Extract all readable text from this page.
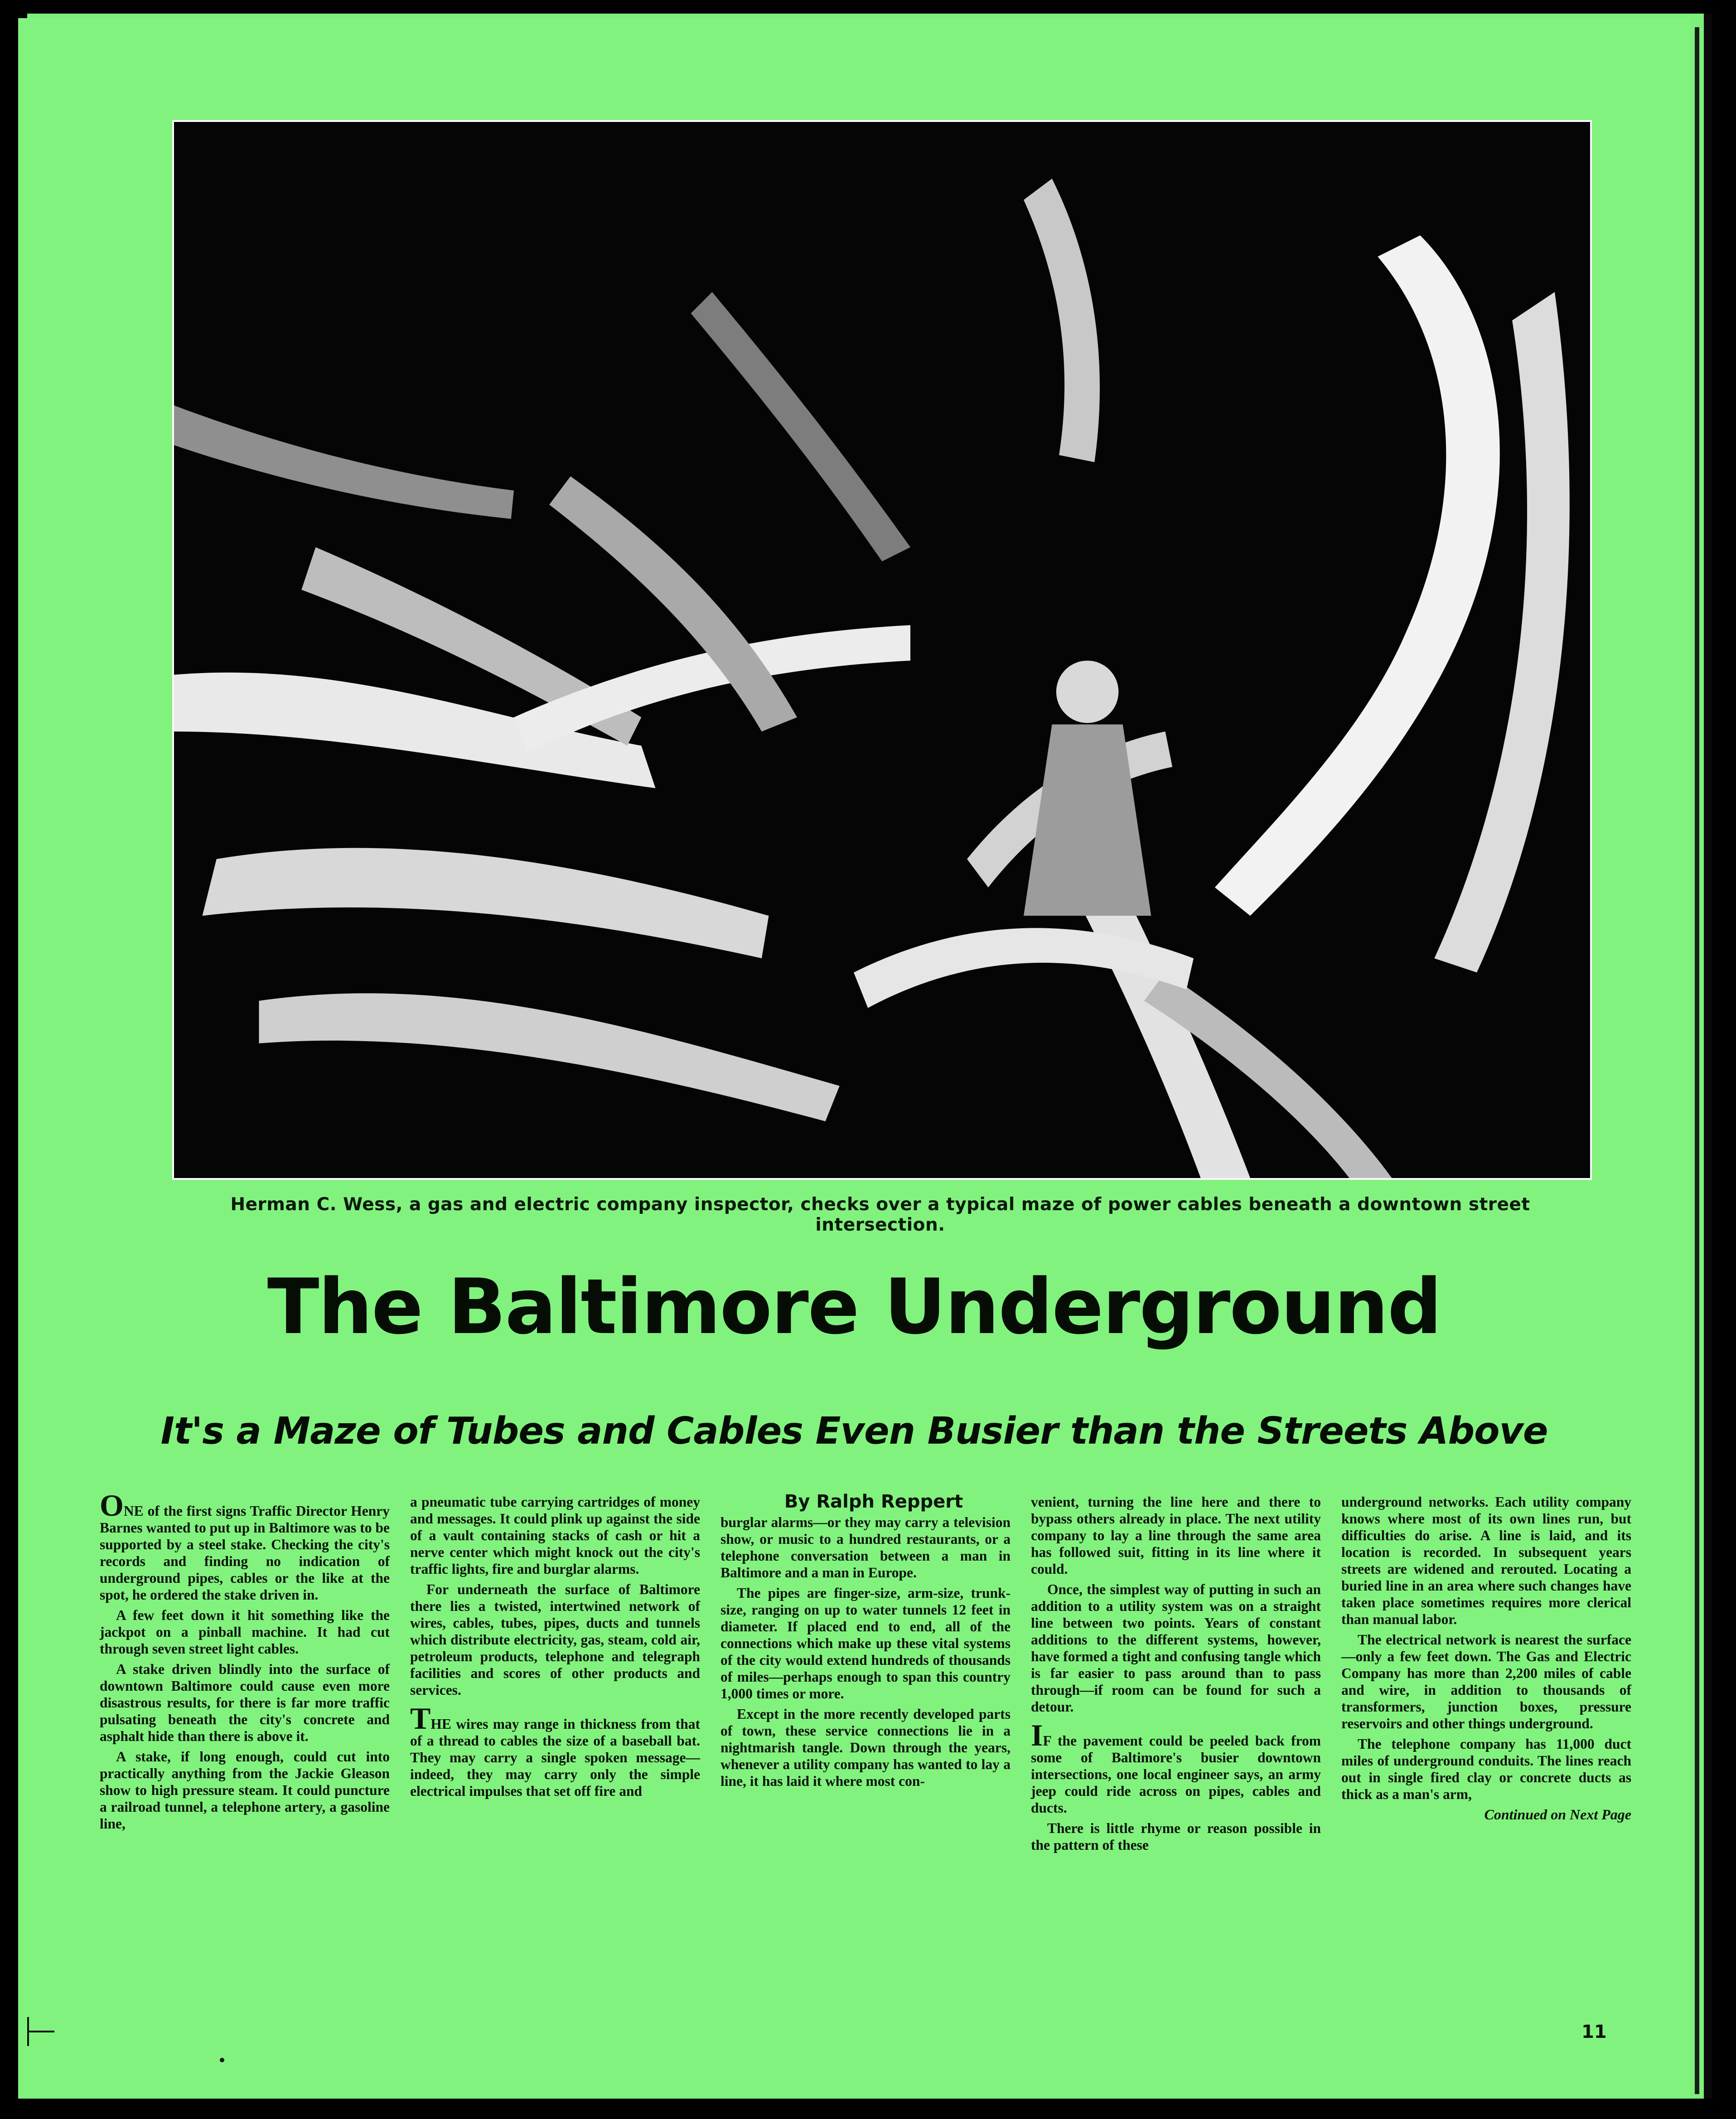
Herman C. Wess, a gas and electric company inspector, checks over a typical maze of power cables beneath a downtown street intersection.
The Baltimore Underground
It's a Maze of Tubes and Cables Even Busier than the Streets Above

ONE of the first signs Traffic Director Henry Barnes wanted to put up in Baltimore was to be supported by a steel stake. Checking the city's records and finding no indication of underground pipes, cables or the like at the spot, he ordered the stake driven in.

A few feet down it hit something like the jackpot on a pinball machine. It had cut through seven street light cables.

A stake driven blindly into the surface of downtown Baltimore could cause even more disastrous results, for there is far more traffic pulsating beneath the city's concrete and asphalt hide than there is above it.

A stake, if long enough, could cut into practically anything from the Jackie Gleason show to high pressure steam. It could puncture a railroad tunnel, a telephone artery, a gasoline line,

a pneumatic tube carrying cartridges of money and messages. It could plink up against the side of a vault containing stacks of cash or hit a nerve center which might knock out the city's traffic lights, fire and burglar alarms.

For underneath the surface of Baltimore there lies a twisted, intertwined network of wires, cables, tubes, pipes, ducts and tunnels which distribute electricity, gas, steam, cold air, petroleum products, telephone and telegraph facilities and scores of other products and services.

THE wires may range in thickness from that of a thread to cables the size of a baseball bat. They may carry a single spoken message—indeed, they may carry only the simple electrical impulses that set off fire and

By Ralph Reppert

burglar alarms—or they may carry a television show, or music to a hundred restaurants, or a telephone conversation between a man in Baltimore and a man in Europe.

The pipes are finger-size, arm-size, trunk-size, ranging on up to water tunnels 12 feet in diameter. If placed end to end, all of the connections which make up these vital systems of the city would extend hundreds of thousands of miles—perhaps enough to span this country 1,000 times or more.

Except in the more recently developed parts of town, these service connections lie in a nightmarish tangle. Down through the years, whenever a utility company has wanted to lay a line, it has laid it where most con-

venient, turning the line here and there to bypass others already in place. The next utility company to lay a line through the same area has followed suit, fitting in its line where it could.

Once, the simplest way of putting in such an addition to a utility system was on a straight line between two points. Years of constant additions to the different systems, however, have formed a tight and confusing tangle which is far easier to pass around than to pass through—if room can be found for such a detour.

IF the pavement could be peeled back from some of Baltimore's busier downtown intersections, one local engineer says, an army jeep could ride across on pipes, cables and ducts.

There is little rhyme or reason possible in the pattern of these

underground networks. Each utility company knows where most of its own lines run, but difficulties do arise. A line is laid, and its location is recorded. In subsequent years streets are widened and rerouted. Locating a buried line in an area where such changes have taken place sometimes requires more clerical than manual labor.

The electrical network is nearest the surface—only a few feet down. The Gas and Electric Company has more than 2,200 miles of cable and wire, in addition to thousands of transformers, junction boxes, pressure reservoirs and other things underground.

The telephone company has 11,000 duct miles of underground conduits. The lines reach out in single fired clay or concrete ducts as thick as a man's arm,

Continued on Next Page

11
